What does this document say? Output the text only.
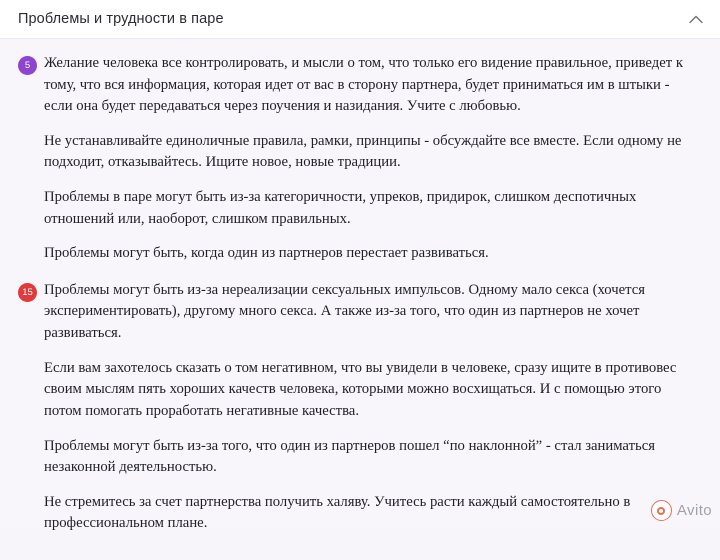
Проблемы и трудности в паре
5 Желание человека все контролировать, и мысли о том, что только его видение правильное, приведет к тому, что вся информация, которая идет от вас в сторону партнера, будет приниматься им в штыки - если она будет передаваться через поучения и назидания. Учите с любовью.

Не устанавливайте единоличные правила, рамки, принципы - обсуждайте все вместе. Если одному не подходит, отказывайтесь. Ищите новое, новые традиции.

Проблемы в паре могут быть из-за категоричности, упреков, придирок, слишком деспотичных отношений или, наоборот, слишком правильных.

Проблемы могут быть, когда один из партнеров перестает развиваться.

15 Проблемы могут быть из-за нереализации сексуальных импульсов. Одному мало секса (хочется экспериментировать), другому много секса. А также из-за того, что один из партнеров не хочет развиваться.

Если вам захотелось сказать о том негативном, что вы увидели в человеке, сразу ищите в противовес своим мыслям пять хороших качеств человека, которыми можно восхищаться. И с помощью этого потом помогать проработать негативные качества.

Проблемы могут быть из-за того, что один из партнеров пошел “по наклонной” - стал заниматься незаконной деятельностью.

Не стремитесь за счет партнерства получить халяву. Учитесь расти каждый самостоятельно в профессиональном плане.

Avito
